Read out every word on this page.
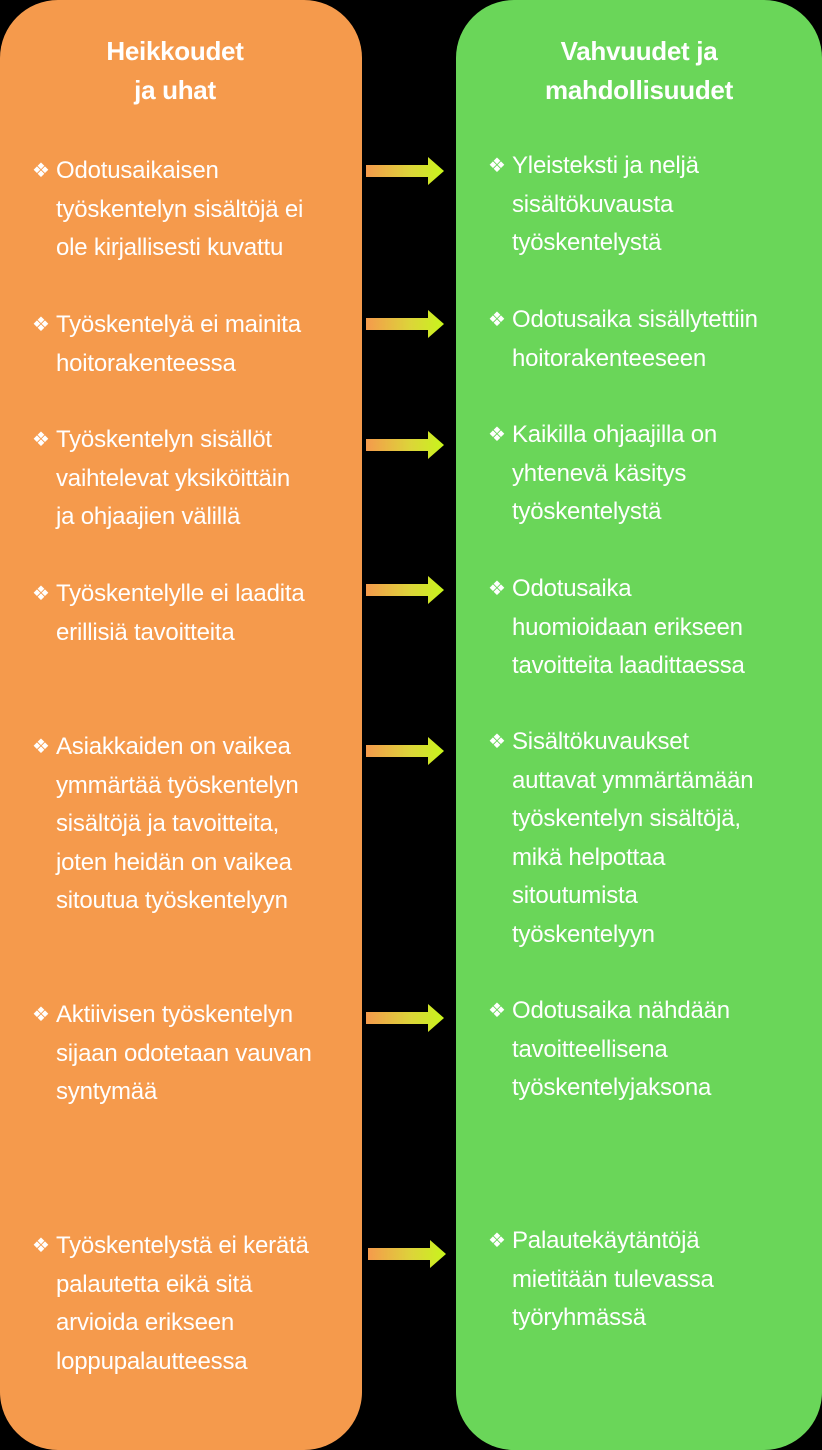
Heikkoudet
ja uhat
Vahvuudet ja
mahdollisuudet
❖ Odotusaikaisen
työskentelyn sisältöjä ei
ole kirjallisesti kuvattu
❖ Työskentelyä ei mainita
hoitorakenteessa
❖ Työskentelyn sisällöt
vaihtelevat yksiköittäin
ja ohjaajien välillä
❖ Työskentelylle ei laadita
erillisiä tavoitteita
❖ Asiakkaiden on vaikea
ymmärtää työskentelyn
sisältöjä ja tavoitteita,
joten heidän on vaikea
sitoutua työskentelyyn
❖ Aktiivisen työskentelyn
sijaan odotetaan vauvan
syntymää
❖ Työskentelystä ei kerätä
palautetta eikä sitä
arvioida erikseen
loppupalautteessa
❖ Yleisteksti ja neljä
sisältökuvausta
työskentelystä
❖ Odotusaika sisällytettiin
hoitorakenteeseen
❖ Kaikilla ohjaajilla on
yhtenevä käsitys
työskentelystä
❖ Odotusaika
huomioidaan erikseen
tavoitteita laadittaessa
❖ Sisältökuvaukset
auttavat ymmärtämään
työskentelyn sisältöjä,
mikä helpottaa
sitoutumista
työskentelyyn
❖ Odotusaika nähdään
tavoitteellisena
työskentelyjaksona
❖ Palautekäytäntöjä
mietitään tulevassa
työryhmässä
